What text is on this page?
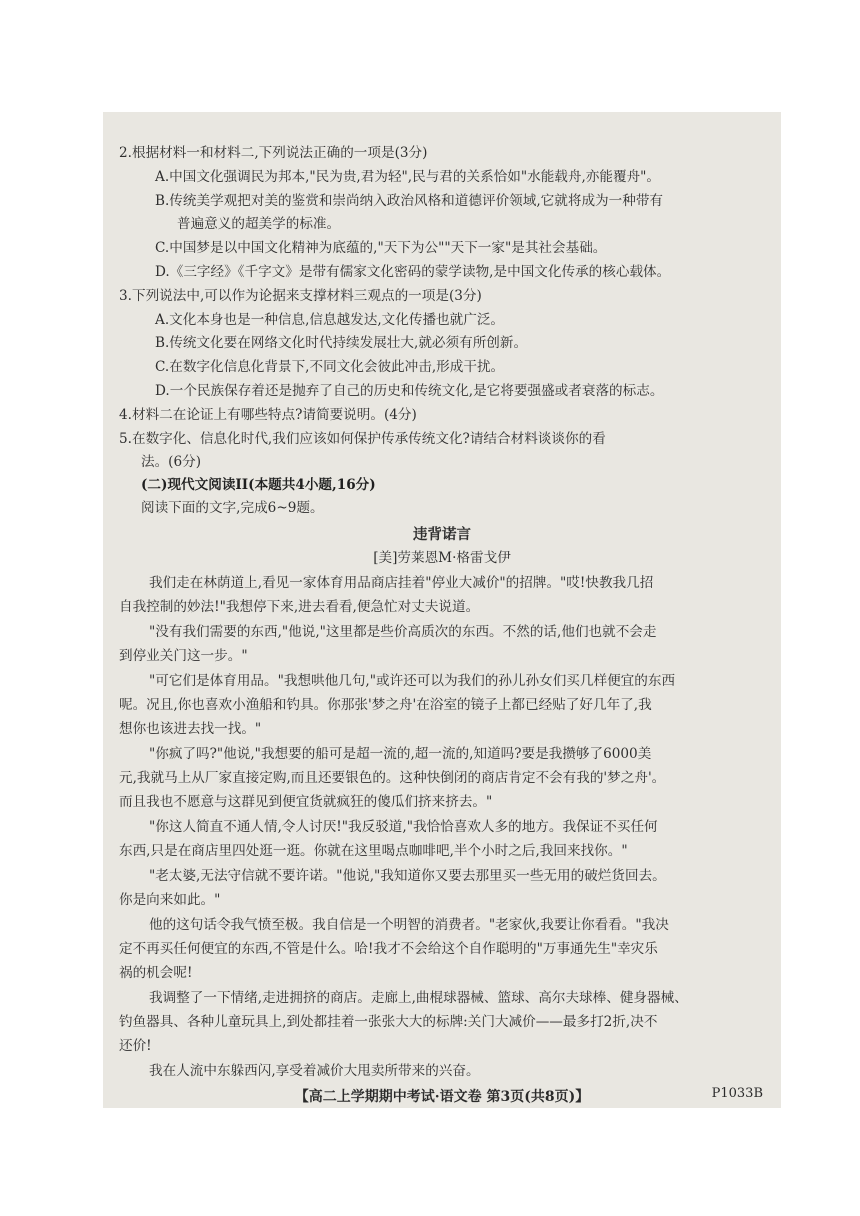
2.根据材料一和材料二,下列说法正确的一项是(3分)
A.中国文化强调民为邦本,"民为贵,君为轻",民与君的关系恰如"水能载舟,亦能覆舟"。
B.传统美学观把对美的鉴赏和崇尚纳入政治风格和道德评价领域,它就将成为一种带有
普遍意义的超美学的标准。
C.中国梦是以中国文化精神为底蕴的,"天下为公""天下一家"是其社会基础。
D.《三字经》《千字文》是带有儒家文化密码的蒙学读物,是中国文化传承的核心载体。
3.下列说法中,可以作为论据来支撑材料三观点的一项是(3分)
A.文化本身也是一种信息,信息越发达,文化传播也就广泛。
B.传统文化要在网络文化时代持续发展壮大,就必须有所创新。
C.在数字化信息化背景下,不同文化会彼此冲击,形成干扰。
D.一个民族保存着还是抛弃了自己的历史和传统文化,是它将要强盛或者衰落的标志。
4.材料二在论证上有哪些特点?请简要说明。(4分)
5.在数字化、信息化时代,我们应该如何保护传承传统文化?请结合材料谈谈你的看
法。(6分)
(二)现代文阅读II(本题共4小题,16分)
阅读下面的文字,完成6~9题。
违背诺言
[美]劳莱恩M·格雷戈伊
我们走在林荫道上,看见一家体育用品商店挂着"停业大减价"的招牌。"哎!快教我几招
自我控制的妙法!"我想停下来,进去看看,便急忙对丈夫说道。
"没有我们需要的东西,"他说,"这里都是些价高质次的东西。不然的话,他们也就不会走
到停业关门这一步。"
"可它们是体育用品。"我想哄他几句,"或许还可以为我们的孙儿孙女们买几样便宜的东西
呢。况且,你也喜欢小渔船和钓具。你那张'梦之舟'在浴室的镜子上都已经贴了好几年了,我
想你也该进去找一找。"
"你疯了吗?"他说,"我想要的船可是超一流的,超一流的,知道吗?要是我攒够了6000美
元,我就马上从厂家直接定购,而且还要银色的。这种快倒闭的商店肯定不会有我的'梦之舟'。
而且我也不愿意与这群见到便宜货就疯狂的傻瓜们挤来挤去。"
"你这人简直不通人情,令人讨厌!"我反驳道,"我恰恰喜欢人多的地方。我保证不买任何
东西,只是在商店里四处逛一逛。你就在这里喝点咖啡吧,半个小时之后,我回来找你。"
"老太婆,无法守信就不要许诺。"他说,"我知道你又要去那里买一些无用的破烂货回去。
你是向来如此。"
他的这句话令我气愤至极。我自信是一个明智的消费者。"老家伙,我要让你看看。"我决
定不再买任何便宜的东西,不管是什么。哈!我才不会给这个自作聪明的"万事通先生"幸灾乐
祸的机会呢!
我调整了一下情绪,走进拥挤的商店。走廊上,曲棍球器械、篮球、高尔夫球棒、健身器械、
钓鱼器具、各种儿童玩具上,到处都挂着一张张大大的标牌:关门大减价——最多打2折,决不
还价!
我在人流中东躲西闪,享受着减价大甩卖所带来的兴奋。
【高二上学期期中考试·语文卷 第3页(共8页)】	P1033B
